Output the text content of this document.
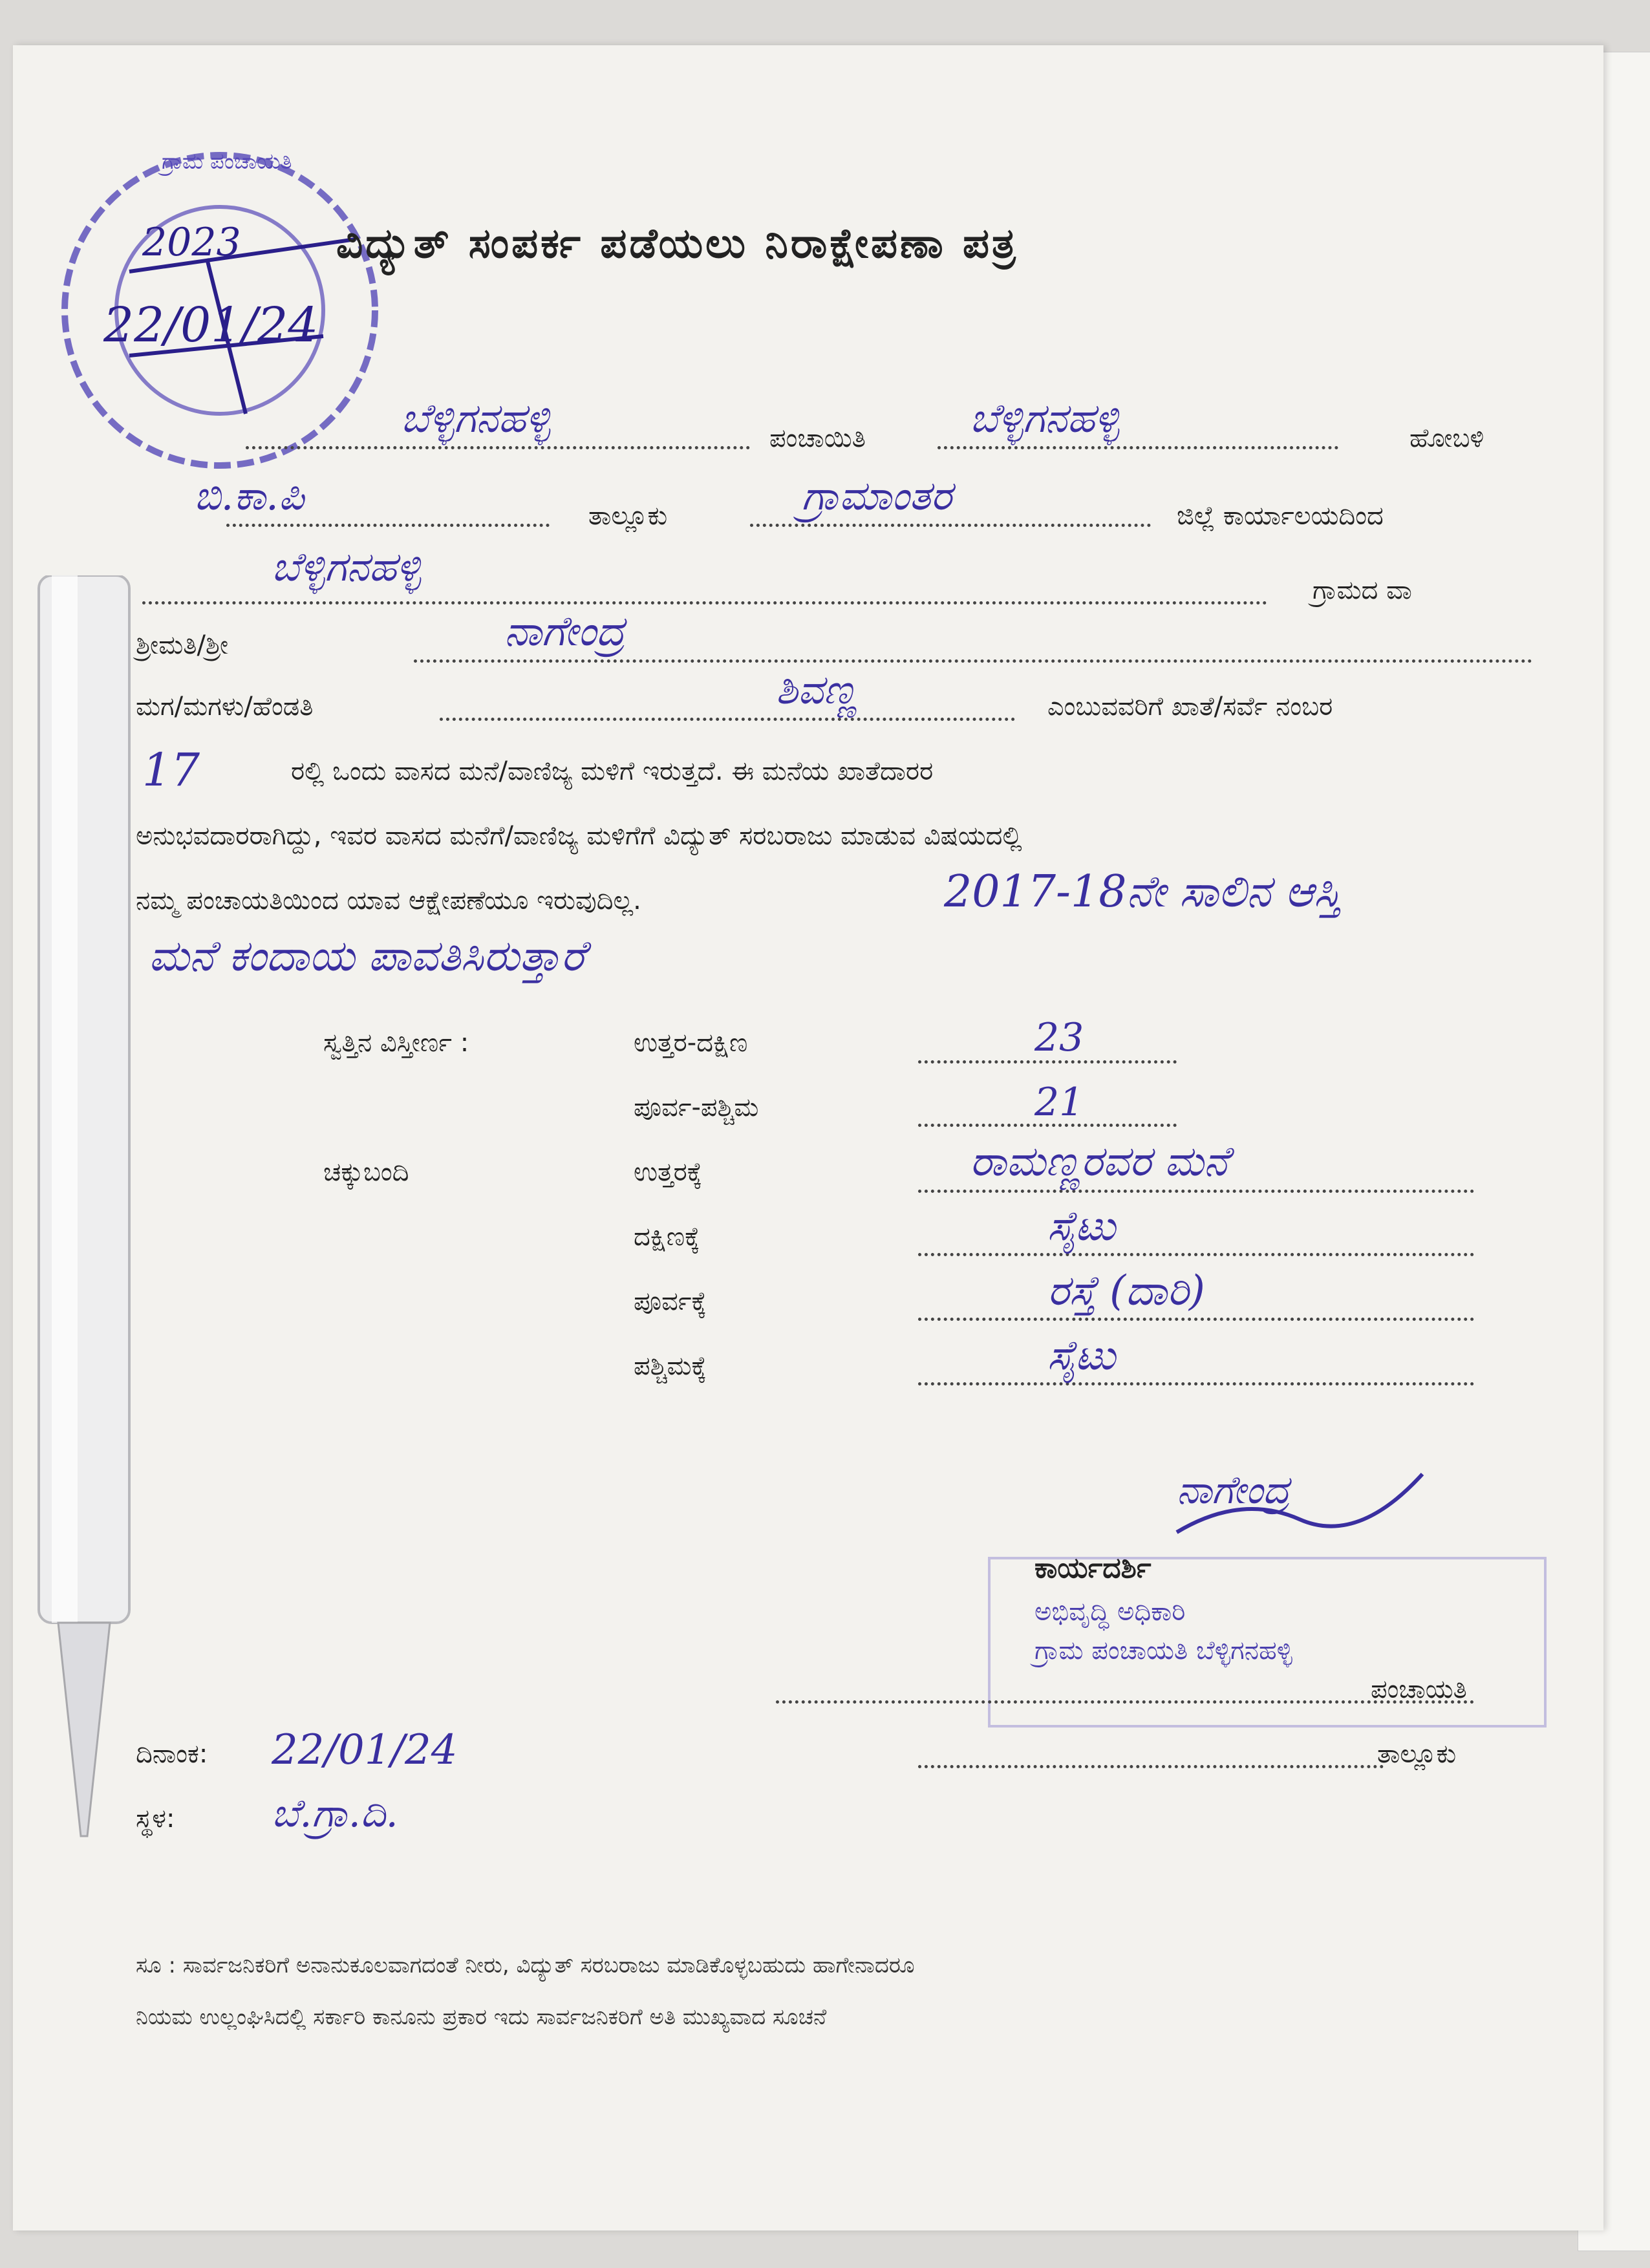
2023
22/01/24
ಗ್ರಾಮ ಪಂಚಾಯತಿ
ವಿದ್ಯುತ್ ಸಂಪರ್ಕ ಪಡೆಯಲು ನಿರಾಕ್ಷೇಪಣಾ ಪತ್ರ
ಬೆಳ್ಳಿಗನಹಳ್ಳಿ	ಪಂಚಾಯಿತಿ	ಬೆಳ್ಳಿಗನಹಳ್ಳಿ	ಹೋಬಳಿ
ಬಿ.ಕಾ.ಪಿ	ತಾಲ್ಲೂಕು	ಗ್ರಾಮಾಂತರ	ಜಿಲ್ಲೆ ಕಾರ್ಯಾಲಯದಿಂದ
ಬೆಳ್ಳಿಗನಹಳ್ಳಿ	ಗ್ರಾಮದ ವಾ
ಶ್ರೀಮತಿ/ಶ್ರೀ	ನಾಗೇಂದ್ರ
ಮಗ/ಮಗಳು/ಹೆಂಡತಿ	ಶಿವಣ್ಣ	ಎಂಬುವವರಿಗೆ ಖಾತೆ/ಸರ್ವೆ ನಂಬರ
17	ರಲ್ಲಿ ಒಂದು ವಾಸದ ಮನೆ/ವಾಣಿಜ್ಯ ಮಳಿಗೆ ಇರುತ್ತದೆ. ಈ ಮನೆಯ ಖಾತೆದಾರರ
ಅನುಭವದಾರರಾಗಿದ್ದು, ಇವರ ವಾಸದ ಮನೆಗೆ/ವಾಣಿಜ್ಯ ಮಳಿಗೆಗೆ ವಿದ್ಯುತ್ ಸರಬರಾಜು ಮಾಡುವ ವಿಷಯದಲ್ಲಿ
ನಮ್ಮ ಪಂಚಾಯತಿಯಿಂದ ಯಾವ ಆಕ್ಷೇಪಣೆಯೂ ಇರುವುದಿಲ್ಲ.	2017-18ನೇ ಸಾಲಿನ ಆಸ್ತಿ
ಮನೆ ಕಂದಾಯ ಪಾವತಿಸಿರುತ್ತಾರೆ
ಸ್ವತ್ತಿನ ವಿಸ್ತೀರ್ಣ :	ಉತ್ತರ-ದಕ್ಷಿಣ	23
ಪೂರ್ವ-ಪಶ್ಚಿಮ	21
ಚಕ್ಕುಬಂದಿ	ಉತ್ತರಕ್ಕೆ	ರಾಮಣ್ಣರವರ ಮನೆ
ದಕ್ಷಿಣಕ್ಕೆ	ಸೈಟು
ಪೂರ್ವಕ್ಕೆ	ರಸ್ತೆ (ದಾರಿ)
ಪಶ್ಚಿಮಕ್ಕೆ	ಸೈಟು
ನಾಗೇಂದ್ರ
ಕಾರ್ಯದರ್ಶಿ
ಅಭಿವೃದ್ಧಿ ಅಧಿಕಾರಿ
ಗ್ರಾಮ ಪಂಚಾಯತಿ ಬೆಳ್ಳಿಗನಹಳ್ಳಿ
ಪಂಚಾಯತಿ
ತಾಲ್ಲೂಕು
ದಿನಾಂಕ: 22/01/24
ಸ್ಥಳ: ಬೆ.ಗ್ರಾ.ದಿ.
ಸೂ : ಸಾರ್ವಜನಿಕರಿಗೆ ಅನಾನುಕೂಲವಾಗದಂತೆ ನೀರು, ವಿದ್ಯುತ್ ಸರಬರಾಜು ಮಾಡಿಕೊಳ್ಳಬಹುದು ಹಾಗೇನಾದರೂ
ನಿಯಮ ಉಲ್ಲಂಘಿಸಿದಲ್ಲಿ ಸರ್ಕಾರಿ ಕಾನೂನು ಪ್ರಕಾರ ಇದು ಸಾರ್ವಜನಿಕರಿಗೆ ಅತಿ ಮುಖ್ಯವಾದ ಸೂಚನೆ
